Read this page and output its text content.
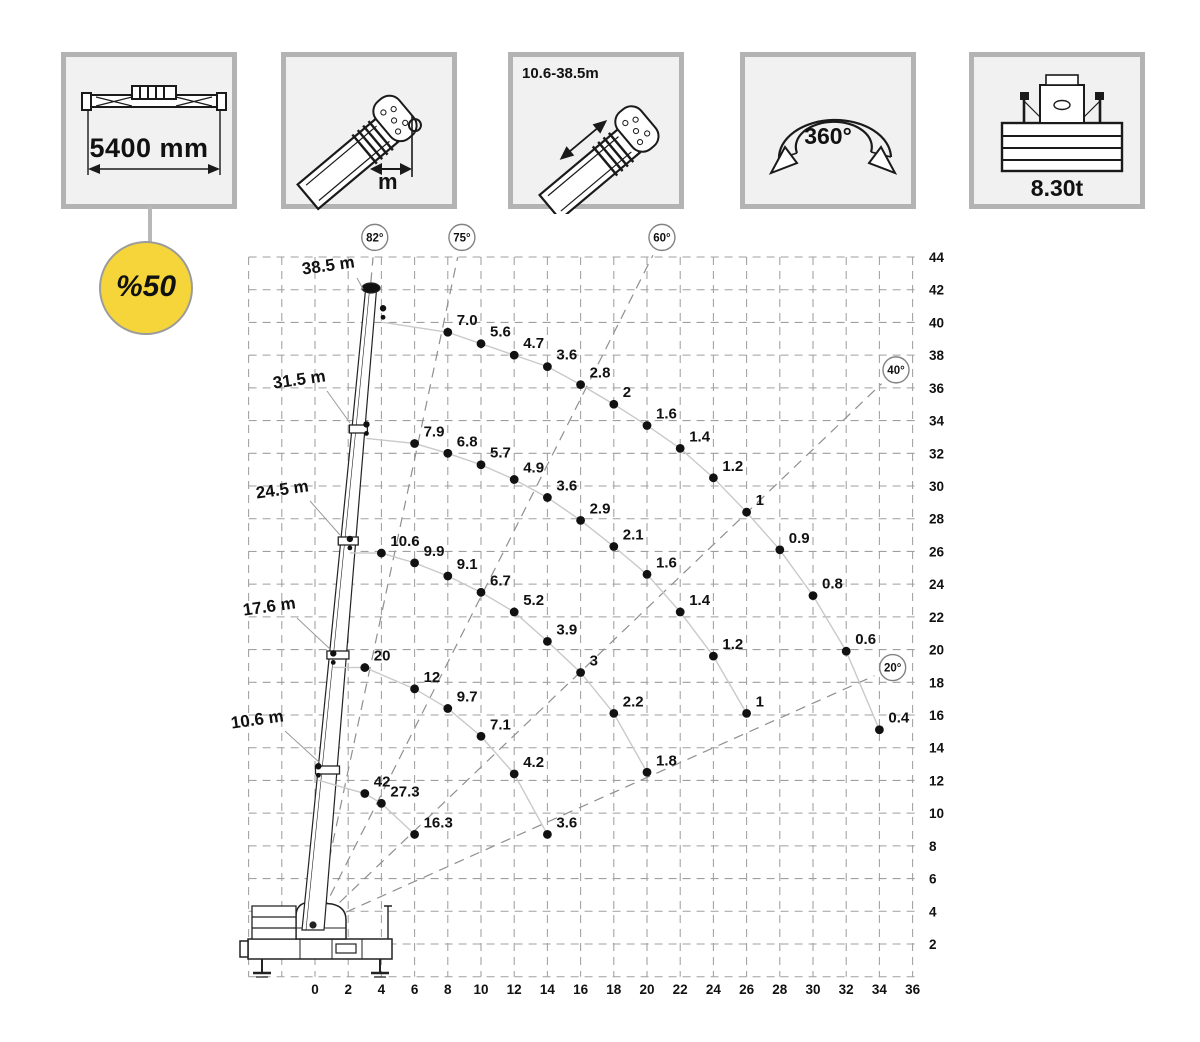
5400 mm
m
10.6-38.5m
360°
8.30t
%50
0 2 4 6 8 10 12 14 16 18 20 22 24 26 28 30 32 34 36
2
4
6
8
10
12
14
16
18
20
22
24
26
28
30
32
34
36
38
40
42
44
7.0
5.6
4.7
3.6
2.8
2
1.6
1.4
1.2
1
0.9
0.8
0.6
0.4
38.5 m
7.9
6.8
5.7
4.9
3.6
2.9
2.1
1.6
1.4
1.2
1
31.5 m
10.6
9.9
9.1
6.7
5.2
3.9
3
2.2
1.8
24.5 m
20
12
9.7
7.1
4.2
3.6
17.6 m
42
27.3
16.3
10.6 m
82°	75°	60°
40°
20°
